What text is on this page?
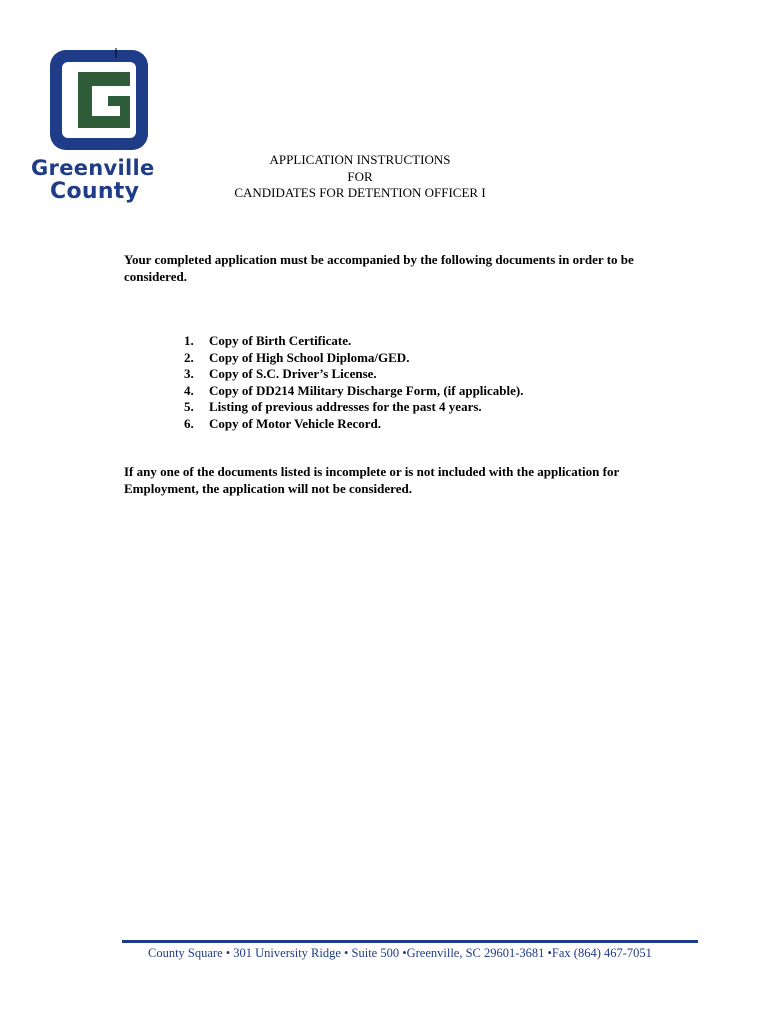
Greenville
County
APPLICATION INSTRUCTIONS
FOR
CANDIDATES FOR DETENTION OFFICER I
Your completed application must be accompanied by the following documents in order to be considered.
1. Copy of Birth Certificate.
2. Copy of High School Diploma/GED.
3. Copy of S.C. Driver’s License.
4. Copy of DD214 Military Discharge Form, (if applicable).
5. Listing of previous addresses for the past 4 years.
6. Copy of Motor Vehicle Record.
If any one of the documents listed is incomplete or is not included with the application for Employment, the application will not be considered.
County Square • 301 University Ridge • Suite 500 •Greenville, SC 29601-3681 •Fax (864) 467-7051
